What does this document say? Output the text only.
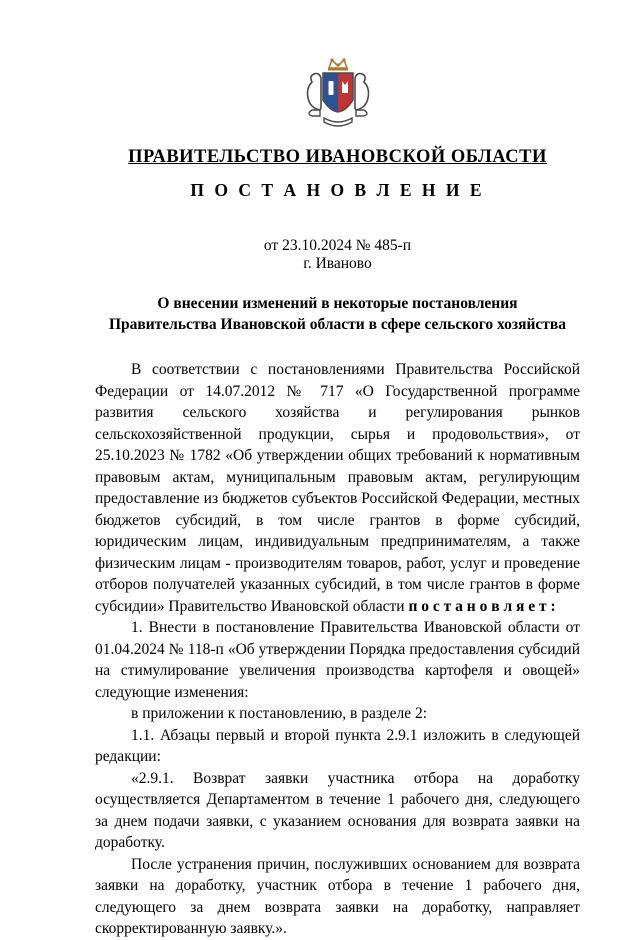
ПРАВИТЕЛЬСТВО ИВАНОВСКОЙ ОБЛАСТИ
П О С Т А Н О В Л Е Н И Е

от 23.10.2024 № 485-п

г. Иваново

О внесении изменений в некоторые постановления Правительства Ивановской области в сфере сельского хозяйства

В соответствии с постановлениями Правительства Российской Федерации от 14.07.2012 № 717 «О Государственной программе развития сельского хозяйства и регулирования рынков сельскохозяйственной продукции, сырья и продовольствия», от 25.10.2023 № 1782 «Об утверждении общих требований к нормативным правовым актам, муниципальным правовым актам, регулирующим предоставление из бюджетов субъектов Российской Федерации, местных бюджетов субсидий, в том числе грантов в форме субсидий, юридическим лицам, индивидуальным предпринимателям, а также физическим лицам - производителям товаров, работ, услуг и проведение отборов получателей указанных субсидий, в том числе грантов в форме субсидии» Правительство Ивановской области п о с т а н о в л я е т :

1. Внести в постановление Правительства Ивановской области от 01.04.2024 № 118-п «Об утверждении Порядка предоставления субсидий на стимулирование увеличения производства картофеля и овощей» следующие изменения:

в приложении к постановлению, в разделе 2:

1.1. Абзацы первый и второй пункта 2.9.1 изложить в следующей редакции:

«2.9.1. Возврат заявки участника отбора на доработку осуществляется Департаментом в течение 1 рабочего дня, следующего за днем подачи заявки, с указанием основания для возврата заявки на доработку.

После устранения причин, послуживших основанием для возврата заявки на доработку, участник отбора в течение 1 рабочего дня, следующего за днем возврата заявки на доработку, направляет скорректированную заявку.».
